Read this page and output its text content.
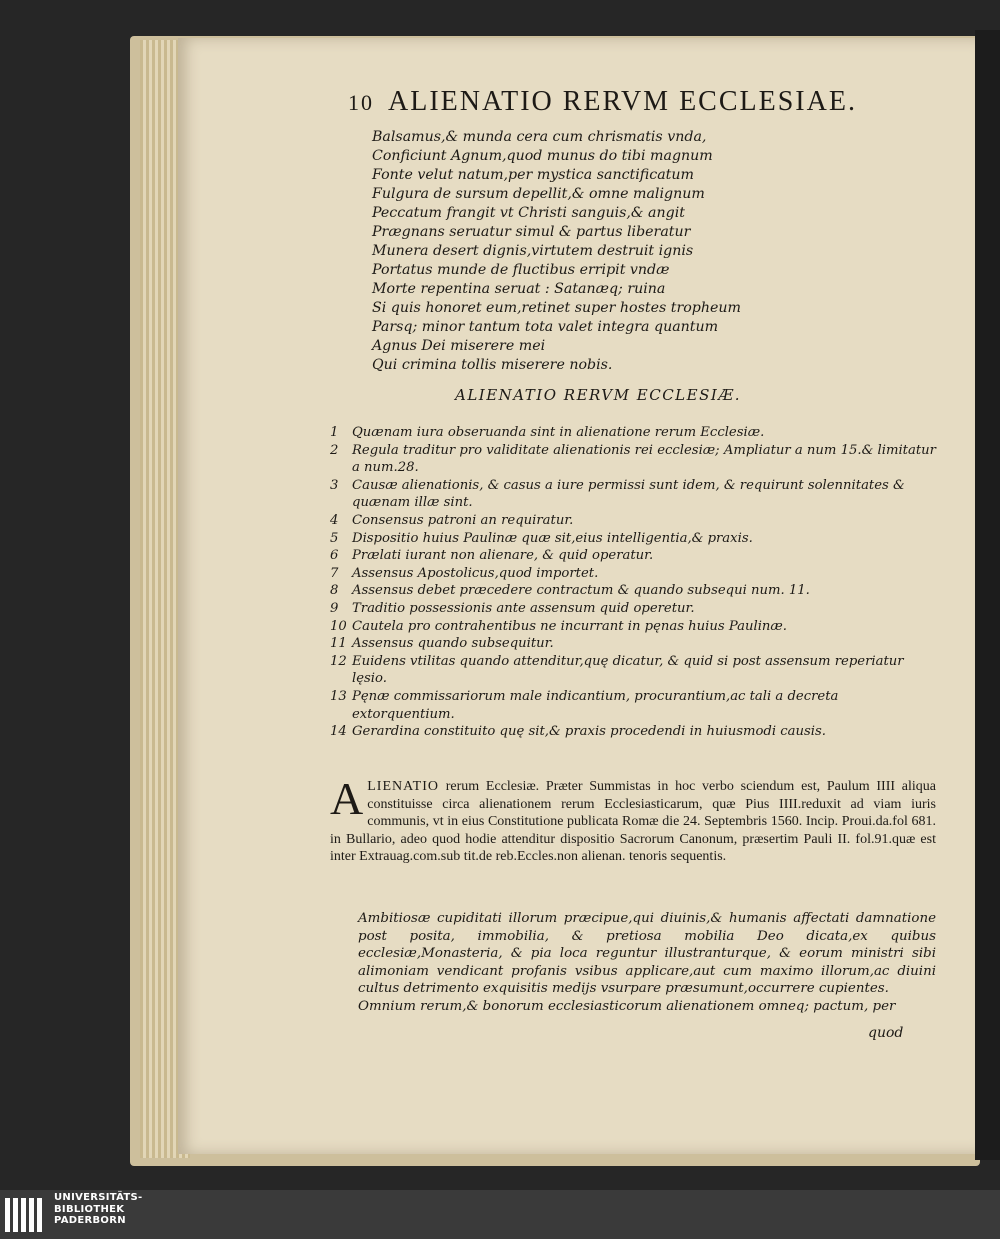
10 ALIENATIO RERVM ECCLESIAE.
Balsamus,& munda cera cum chrismatis vnda,
Conficiunt Agnum,quod munus do tibi magnum
Fonte velut natum,per mystica sanctificatum
Fulgura de sursum depellit,& omne malignum
Peccatum frangit vt Christi sanguis,& angit
Prægnans seruatur simul & partus liberatur
Munera desert dignis,virtutem destruit ignis
Portatus munde de fluctibus erripit vndæ
Morte repentina seruat : Satanæq; ruina
Si quis honoret eum,retinet super hostes tropheum
Parsq; minor tantum tota valet integra quantum
Agnus Dei miserere mei
Qui crimina tollis miserere nobis.
ALIENATIO RERVM ECCLESIÆ.
1	Quænam iura obseruanda sint in alienatione rerum Ecclesiæ.
2	Regula traditur pro validitate alienationis rei ecclesiæ; Ampliatur a num 15.& limitatur a num.28.
3	Causæ alienationis, & casus a iure permissi sunt idem, & requirunt solennitates & quænam illæ sint.
4	Consensus patroni an requiratur.
5	Dispositio huius Paulinæ quæ sit,eius intelligentia,& praxis.
6	Prælati iurant non alienare, & quid operatur.
7	Assensus Apostolicus,quod importet.
8	Assensus debet præcedere contractum & quando subsequi num. 11.
9	Traditio possessionis ante assensum quid operetur.
10 Cautela pro contrahentibus ne incurrant in pęnas huius Paulinæ.
11 Assensus quando subsequitur.
12 Euidens vtilitas quando attenditur,quę dicatur, & quid si post assensum reperiatur lęsio.
13 Pęnæ commissariorum male indicantium, procurantium,ac tali a decreta extorquentium.
14 Gerardina constituito quę sit,& praxis procedendi in huiusmodi causis.
ALIENATIO rerum Ecclesiæ. Præter Summistas in hoc verbo sciendum est, Paulum IIII aliqua constituisse circa alienationem rerum Ecclesiasticarum, quæ Pius IIII.reduxit ad viam iuris communis, vt in eius Constitutione publicata Romæ die 24. Septembris 1560. Incip. Proui.da.fol 681. in Bullario, adeo quod hodie attenditur dispositio Sacrorum Canonum, præsertim Pauli II. fol.91.quæ est inter Extrauag.com.sub tit.de reb.Eccles.non alienan. tenoris sequentis.

Ambitiosæ cupiditati illorum præcipue,qui diuinis,& humanis affectati damnatione post posita, immobilia, & pretiosa mobilia Deo dicata,ex quibus ecclesiæ,Monasteria, & pia loca reguntur illustranturque, & eorum ministri sibi alimoniam vendicant profanis vsibus applicare,aut cum maximo illorum,ac diuini cultus detrimento exquisitis medijs vsurpare præsumunt,occurrere cupientes.

Omnium rerum,& bonorum ecclesiasticorum alienationem omneq; pactum, per

quod
UNIVERSITÄTS-
BIBLIOTHEK
PADERBORN
